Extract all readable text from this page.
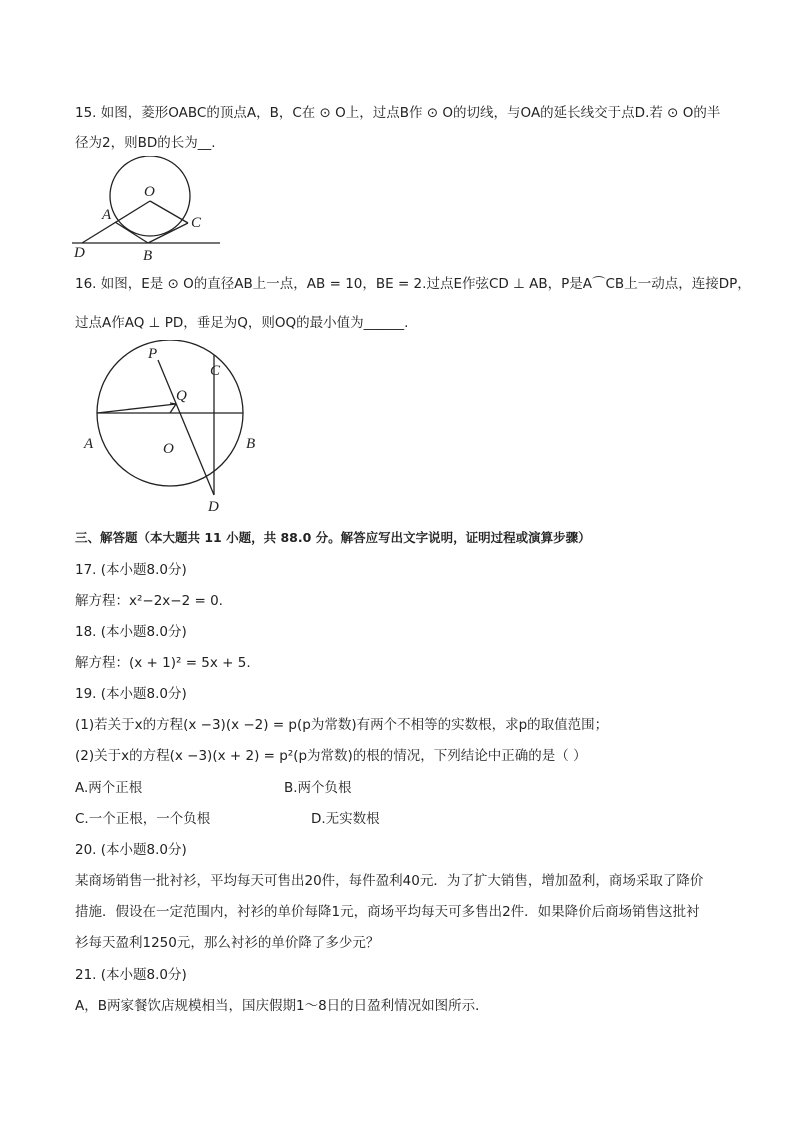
15. 如图，菱形OABC的顶点A，B，C在 ⊙ O上，过点B作 ⊙ O的切线，与OA的延长线交于点D.若 ⊙ O的半
径为2，则BD的长为__.
O
A	C
D	B
16. 如图，E是 ⊙ O的直径AB上一点，AB = 10，BE = 2.过点E作弦CD ⊥ AB，P是A⌒CB上一动点，连接DP，
过点A作AQ ⊥ PD，垂足为Q，则OQ的最小值为______.
P
C
Q
A	O	B
D
三、解答题（本大题共 11 小题，共 88.0 分。解答应写出文字说明，证明过程或演算步骤）
17. (本小题8.0分)
解方程：x²−2x−2 = 0.
18. (本小题8.0分)
解方程：(x + 1)² = 5x + 5.
19. (本小题8.0分)
(1)若关于x的方程(x −3)(x −2) = p(p为常数)有两个不相等的实数根，求p的取值范围；
(2)关于x的方程(x −3)(x + 2) = p²(p为常数)的根的情况，下列结论中正确的是（ ）
A.两个正根	B.两个负根
C.一个正根，一个负根	D.无实数根
20. (本小题8.0分)
某商场销售一批衬衫，平均每天可售出20件，每件盈利40元．为了扩大销售，增加盈利，商场采取了降价
措施．假设在一定范围内，衬衫的单价每降1元，商场平均每天可多售出2件．如果降价后商场销售这批衬
衫每天盈利1250元，那么衬衫的单价降了多少元？
21. (本小题8.0分)
A，B两家餐饮店规模相当，国庆假期1～8日的日盈利情况如图所示．
